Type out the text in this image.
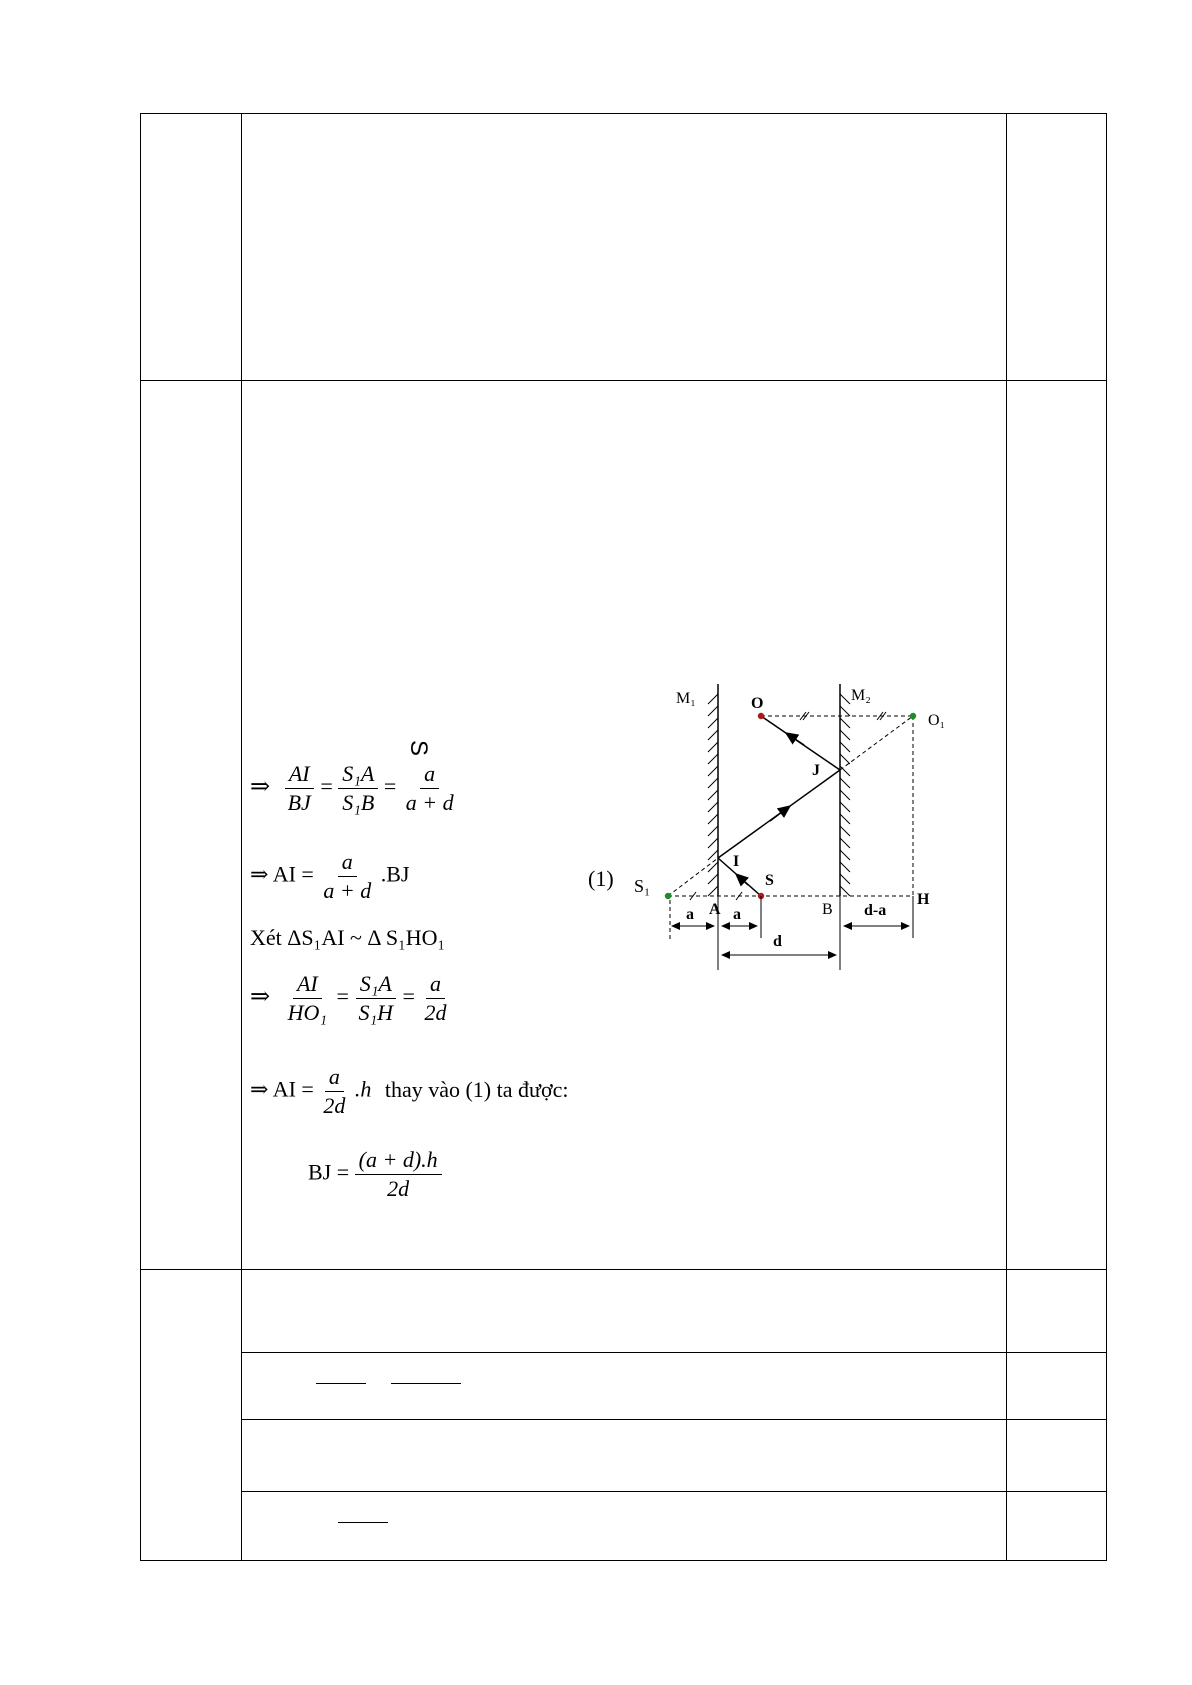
S
⇒ $\frac{AI}{BJ} = \frac{\text{S₁A}}{\text{S₁B}} = \frac{a}{a + d}$
⇒ AI = $\frac{a}{a + d} .BJ$	(1)
Xét ΔS₁AI ~ Δ S₁HO₁
⇒ $\frac{AI}{\text{HO₁}} = \frac{\text{S₁A}}{\text{S₁H}} = \frac{a}{2d}$
⇒ AI = $\frac{a}{2d} .h$ thay vào (1) ta được:
BJ = $\frac{(a + d).h}{2d}$
M₁	M₂
O
O₁
J
I
S
S₁
A	B
H
a a
d
d-a
